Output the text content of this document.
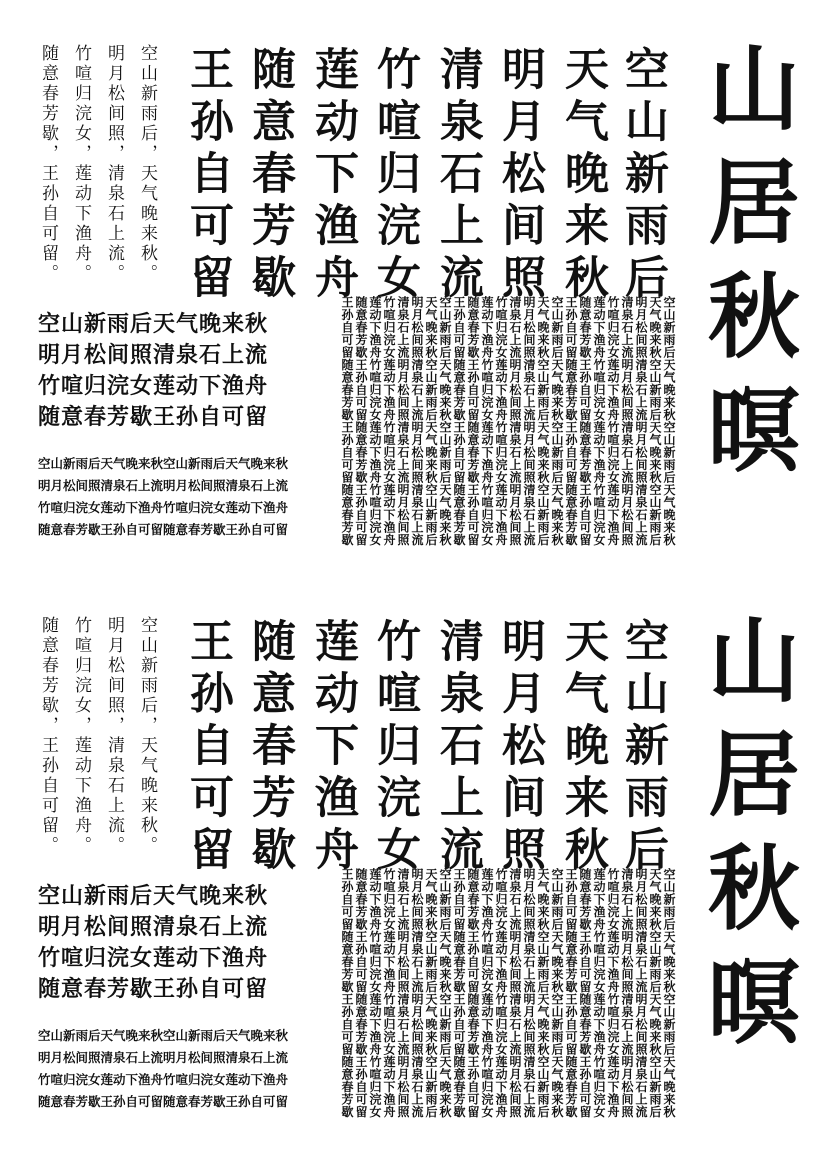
山居秋暝
空山新雨后
天气晚来秋
明月松间照
清泉石上流
竹喧归浣女
莲动下渔舟
随意春芳歇
王孙自可留
空山新雨后，天气晚来秋。
明月松间照，清泉石上流。
竹喧归浣女，莲动下渔舟。
随意春芳歇，王孙自可留。
空山新雨后天气晚来秋
明月松间照清泉石上流
竹喧归浣女莲动下渔舟
随意春芳歇王孙自可留
空山新雨后天气晚来秋空山新雨后天气晚来秋
明月松间照清泉石上流明月松间照清泉石上流
竹喧归浣女莲动下渔舟竹喧归浣女莲动下渔舟
随意春芳歇王孙自可留随意春芳歇王孙自可留	空山新雨后天气晚来秋空山新雨后天气晚来秋
天气晚来秋空山新雨后天气晚来秋空山新雨后
明月松间照清泉石上流明月松间照清泉石上流
清泉石上流明月松间照清泉石上流明月松间照
竹喧归浣女莲动下渔舟竹喧归浣女莲动下渔舟
莲动下渔舟竹喧归浣女莲动下渔舟竹喧归浣女
随意春芳歇王孙自可留随意春芳歇王孙自可留
王孙自可留随意春芳歇王孙自可留随意春芳歇
空山新雨后天气晚来秋空山新雨后天气晚来秋
天气晚来秋空山新雨后天气晚来秋空山新雨后
明月松间照清泉石上流明月松间照清泉石上流
清泉石上流明月松间照清泉石上流明月松间照
竹喧归浣女莲动下渔舟竹喧归浣女莲动下渔舟
莲动下渔舟竹喧归浣女莲动下渔舟竹喧归浣女
随意春芳歇王孙自可留随意春芳歇王孙自可留
王孙自可留随意春芳歇王孙自可留随意春芳歇
空山新雨后天气晚来秋空山新雨后天气晚来秋
天气晚来秋空山新雨后天气晚来秋空山新雨后
明月松间照清泉石上流明月松间照清泉石上流
清泉石上流明月松间照清泉石上流明月松间照
竹喧归浣女莲动下渔舟竹喧归浣女莲动下渔舟
莲动下渔舟竹喧归浣女莲动下渔舟竹喧归浣女
随意春芳歇王孙自可留随意春芳歇王孙自可留
王孙自可留随意春芳歇王孙自可留随意春芳歇
山居秋暝
空山新雨后
天气晚来秋
明月松间照
清泉石上流
竹喧归浣女
莲动下渔舟
随意春芳歇
王孙自可留
空山新雨后，天气晚来秋。
明月松间照，清泉石上流。
竹喧归浣女，莲动下渔舟。
随意春芳歇，王孙自可留。
空山新雨后天气晚来秋
明月松间照清泉石上流
竹喧归浣女莲动下渔舟
随意春芳歇王孙自可留
空山新雨后天气晚来秋空山新雨后天气晚来秋
明月松间照清泉石上流明月松间照清泉石上流
竹喧归浣女莲动下渔舟竹喧归浣女莲动下渔舟
随意春芳歇王孙自可留随意春芳歇王孙自可留	空山新雨后天气晚来秋空山新雨后天气晚来秋
天气晚来秋空山新雨后天气晚来秋空山新雨后
明月松间照清泉石上流明月松间照清泉石上流
清泉石上流明月松间照清泉石上流明月松间照
竹喧归浣女莲动下渔舟竹喧归浣女莲动下渔舟
莲动下渔舟竹喧归浣女莲动下渔舟竹喧归浣女
随意春芳歇王孙自可留随意春芳歇王孙自可留
王孙自可留随意春芳歇王孙自可留随意春芳歇
空山新雨后天气晚来秋空山新雨后天气晚来秋
天气晚来秋空山新雨后天气晚来秋空山新雨后
明月松间照清泉石上流明月松间照清泉石上流
清泉石上流明月松间照清泉石上流明月松间照
竹喧归浣女莲动下渔舟竹喧归浣女莲动下渔舟
莲动下渔舟竹喧归浣女莲动下渔舟竹喧归浣女
随意春芳歇王孙自可留随意春芳歇王孙自可留
王孙自可留随意春芳歇王孙自可留随意春芳歇
空山新雨后天气晚来秋空山新雨后天气晚来秋
天气晚来秋空山新雨后天气晚来秋空山新雨后
明月松间照清泉石上流明月松间照清泉石上流
清泉石上流明月松间照清泉石上流明月松间照
竹喧归浣女莲动下渔舟竹喧归浣女莲动下渔舟
莲动下渔舟竹喧归浣女莲动下渔舟竹喧归浣女
随意春芳歇王孙自可留随意春芳歇王孙自可留
王孙自可留随意春芳歇王孙自可留随意春芳歇
